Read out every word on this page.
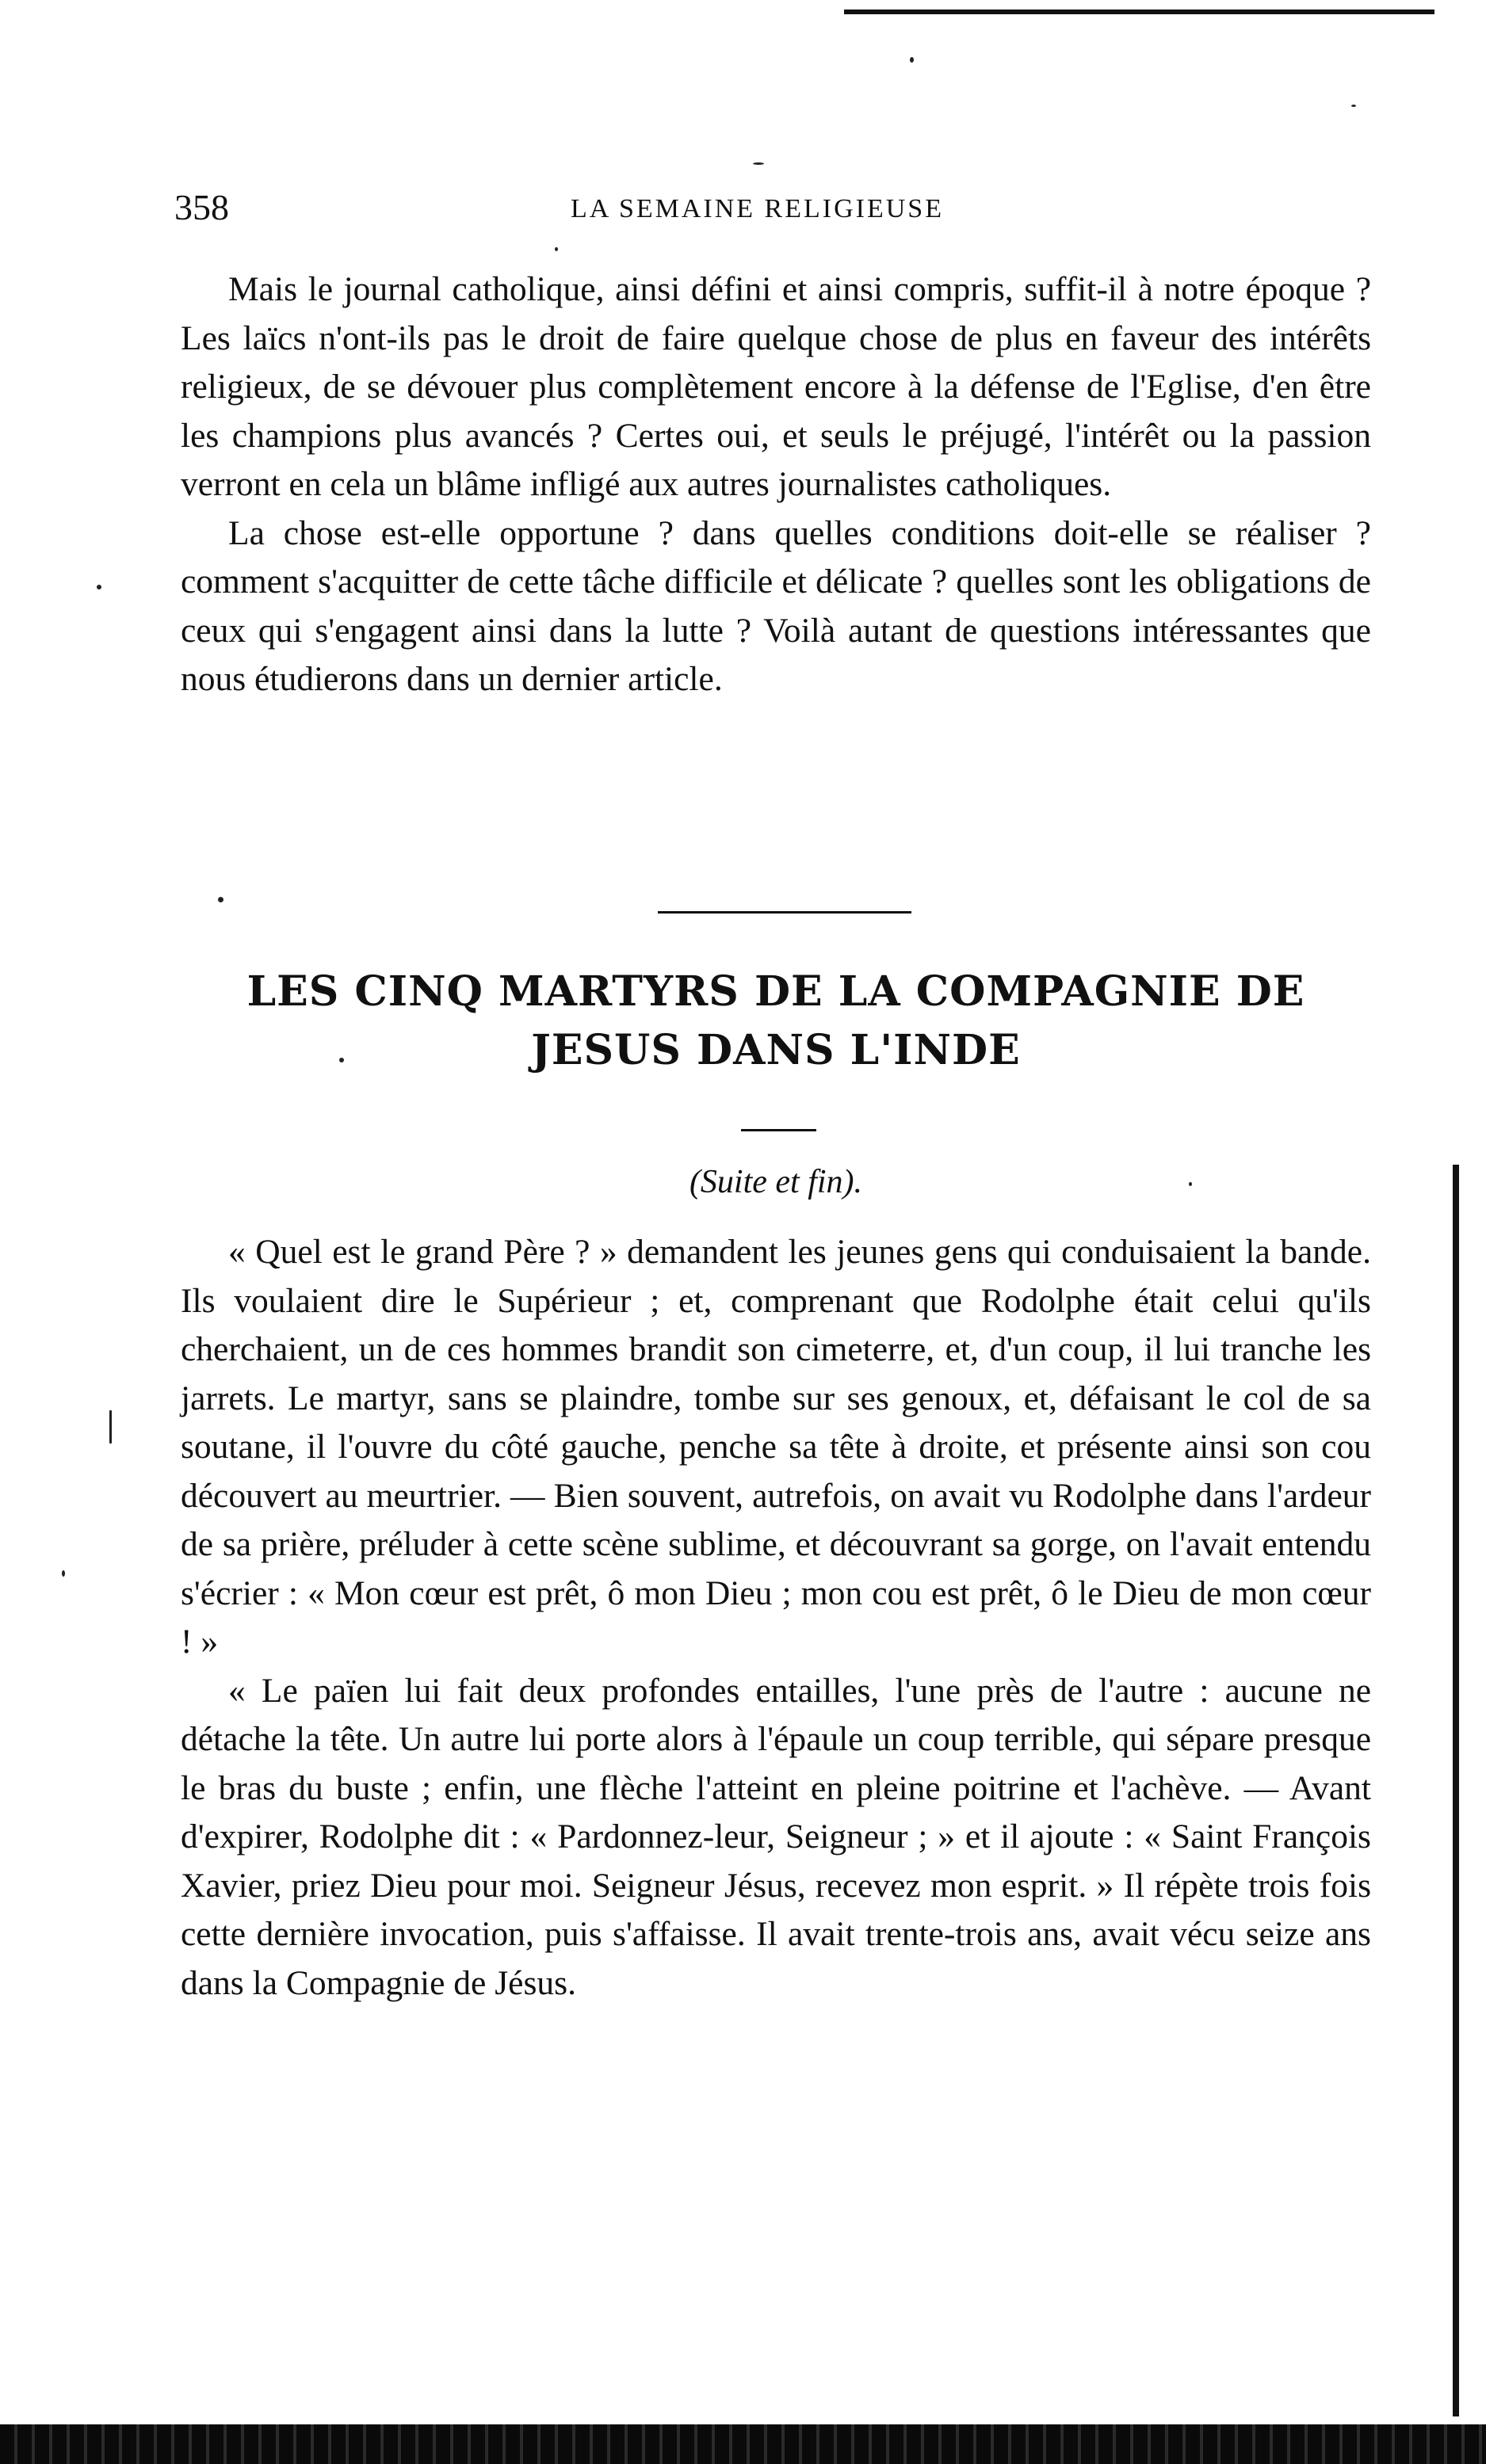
358	LA SEMAINE RELIGIEUSE

Mais le journal catholique, ainsi défini et ainsi compris, suffit-il à notre époque ? Les laïcs n'ont-ils pas le droit de faire quelque chose de plus en faveur des intérêts religieux, de se dévouer plus complètement encore à la défense de l'Eglise, d'en être les champions plus avancés ? Certes oui, et seuls le préjugé, l'intérêt ou la passion verront en cela un blâme infligé aux autres journalistes catholiques.

La chose est-elle opportune ? dans quelles conditions doit-elle se réaliser ? comment s'acquitter de cette tâche difficile et délicate ? quelles sont les obligations de ceux qui s'engagent ainsi dans la lutte ? Voilà autant de questions intéressantes que nous étudierons dans un dernier article.

LES CINQ MARTYRS DE LA COMPAGNIE DE
JESUS DANS L'INDE
(Suite et fin).

« Quel est le grand Père ? » demandent les jeunes gens qui conduisaient la bande. Ils voulaient dire le Supérieur ; et, comprenant que Rodolphe était celui qu'ils cherchaient, un de ces hommes brandit son cimeterre, et, d'un coup, il lui tranche les jarrets. Le martyr, sans se plaindre, tombe sur ses genoux, et, défaisant le col de sa soutane, il l'ouvre du côté gauche, penche sa tête à droite, et présente ainsi son cou découvert au meurtrier. — Bien souvent, autrefois, on avait vu Rodolphe dans l'ardeur de sa prière, préluder à cette scène sublime, et découvrant sa gorge, on l'avait entendu s'écrier : « Mon cœur est prêt, ô mon Dieu ; mon cou est prêt, ô le Dieu de mon cœur ! »

« Le païen lui fait deux profondes entailles, l'une près de l'autre : aucune ne détache la tête. Un autre lui porte alors à l'épaule un coup terrible, qui sépare presque le bras du buste ; enfin, une flèche l'atteint en pleine poitrine et l'achève. — Avant d'expirer, Rodolphe dit : « Pardonnez-leur, Seigneur ; » et il ajoute : « Saint François Xavier, priez Dieu pour moi. Seigneur Jésus, recevez mon esprit. » Il répète trois fois cette dernière invocation, puis s'affaisse. Il avait trente-trois ans, avait vécu seize ans dans la Compagnie de Jésus.
